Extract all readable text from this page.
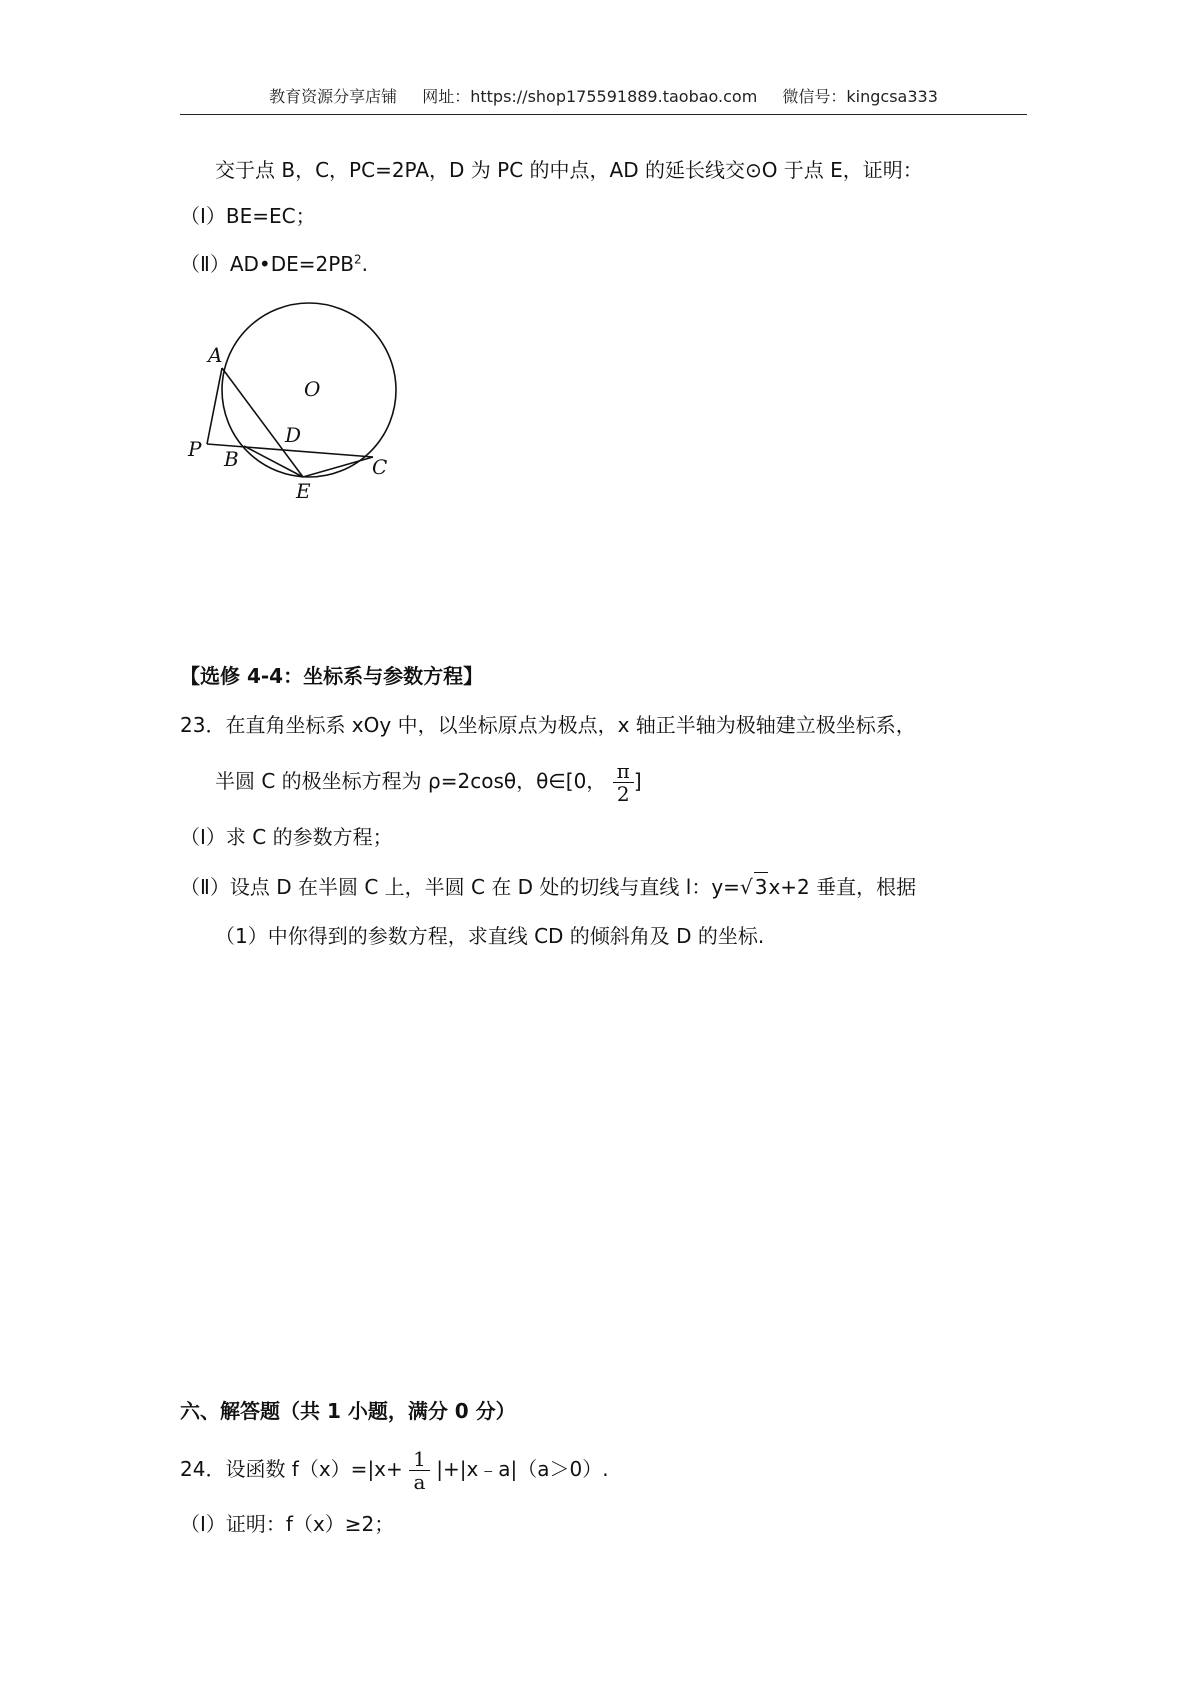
教育资源分享店铺 网址：https://shop175591889.taobao.com 微信号：kingcsa333
交于点 B，C，PC=2PA，D 为 PC 的中点，AD 的延长线交⊙O 于点 E，证明：
（Ⅰ）BE=EC；
$(Ⅱ)AD•DE=2PB^2$.
A
O
D
P B	C
E
【选修 4-4：坐标系与参数方程】
23．在直角坐标系 xOy 中，以坐标原点为极点，x 轴正半轴为极轴建立极坐标系，
半圆 C 的极坐标方程为 ρ=2cosθ，θ∈[0， $\frac{\pi}{2}$ ]
（Ⅰ）求 C 的参数方程；
（Ⅱ）设点 D 在半圆 C 上，半圆 C 在 D 处的切线与直线 l：y=√ 3x+2 垂直，根据
（1）中你得到的参数方程，求直线 CD 的倾斜角及 D 的坐标.
六、解答题（共 1 小题，满分 0 分）
24．设函数 $f(x)=|x+ \frac{1}{a}$ |+|x﹣a|（a＞0）.
（Ⅰ）证明：f（x）≥2；
